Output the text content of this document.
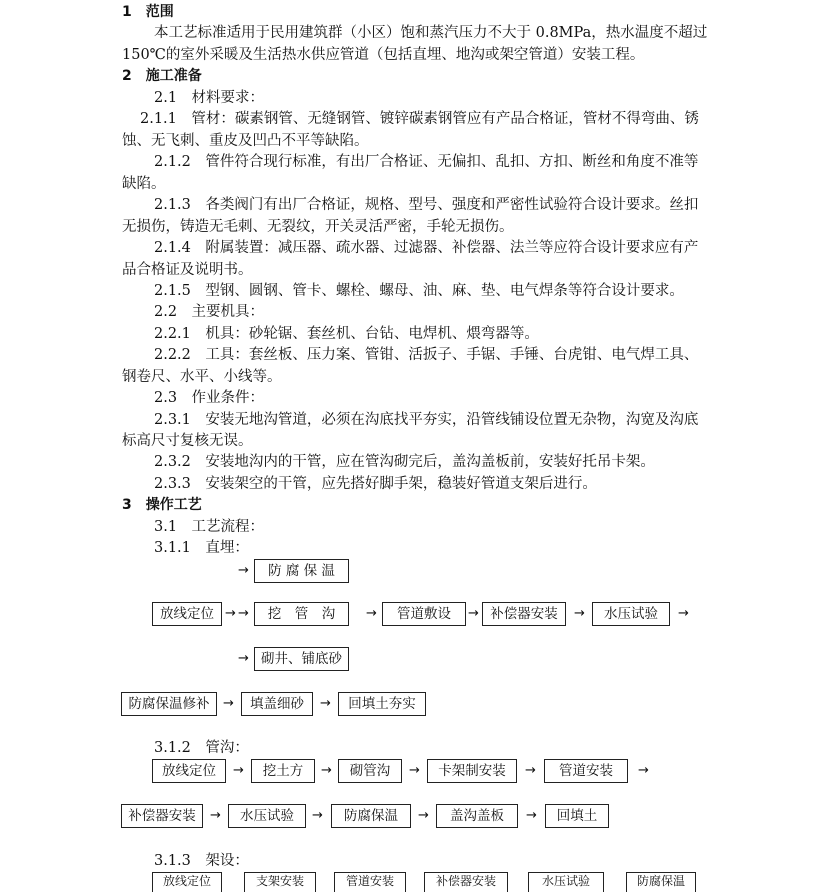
1　范围
本工艺标准适用于民用建筑群（小区）饱和蒸汽压力不大于 0.8MPa，热水温度不超过
150℃的室外采暖及生活热水供应管道（包括直埋、地沟或架空管道）安装工程。
2　施工准备
2.1　材料要求：
2.1.1　管材：碳素钢管、无缝钢管、镀锌碳素钢管应有产品合格证，管材不得弯曲、锈
蚀、无飞刺、重皮及凹凸不平等缺陷。
2.1.2　管件符合现行标准，有出厂合格证、无偏扣、乱扣、方扣、断丝和角度不准等
缺陷。
2.1.3　各类阀门有出厂合格证，规格、型号、强度和严密性试验符合设计要求。丝扣
无损伤，铸造无毛刺、无裂纹，开关灵活严密，手轮无损伤。
2.1.4　附属装置：减压器、疏水器、过滤器、补偿器、法兰等应符合设计要求应有产
品合格证及说明书。
2.1.5　型钢、圆钢、管卡、螺栓、螺母、油、麻、垫、电气焊条等符合设计要求。
2.2　主要机具：
2.2.1　机具：砂轮锯、套丝机、台钻、电焊机、煨弯器等。
2.2.2　工具：套丝板、压力案、管钳、活扳子、手锯、手锤、台虎钳、电气焊工具、
钢卷尺、水平、小线等。
2.3　作业条件：
2.3.1　安装无地沟管道，必须在沟底找平夯实，沿管线铺设位置无杂物，沟宽及沟底
标高尺寸复核无误。
2.3.2　安装地沟内的干管，应在管沟砌完后，盖沟盖板前，安装好托吊卡架。
2.3.3　安装架空的干管，应先搭好脚手架，稳装好管道支架后进行。
3　操作工艺
3.1　工艺流程：
3.1.1　直埋：
→	防 腐 保 温
放线定位 → →	挖　管　沟	→	管道敷设	→ 补偿器安装	→	水压试验	→
→ 砌井、铺底砂
防腐保温修补	→	填盖细砂	→	回填土夯实
3.1.2　管沟：
放线定位	→	挖土方	→	砌管沟	→	卡架制安装	→	管道安装	→
补偿器安装	→	水压试验	→	防腐保温	→	盖沟盖板	→	回填土
3.1.3　架设：
放线定位	支架安装	管道安装	补偿器安装	水压试验	防腐保温
